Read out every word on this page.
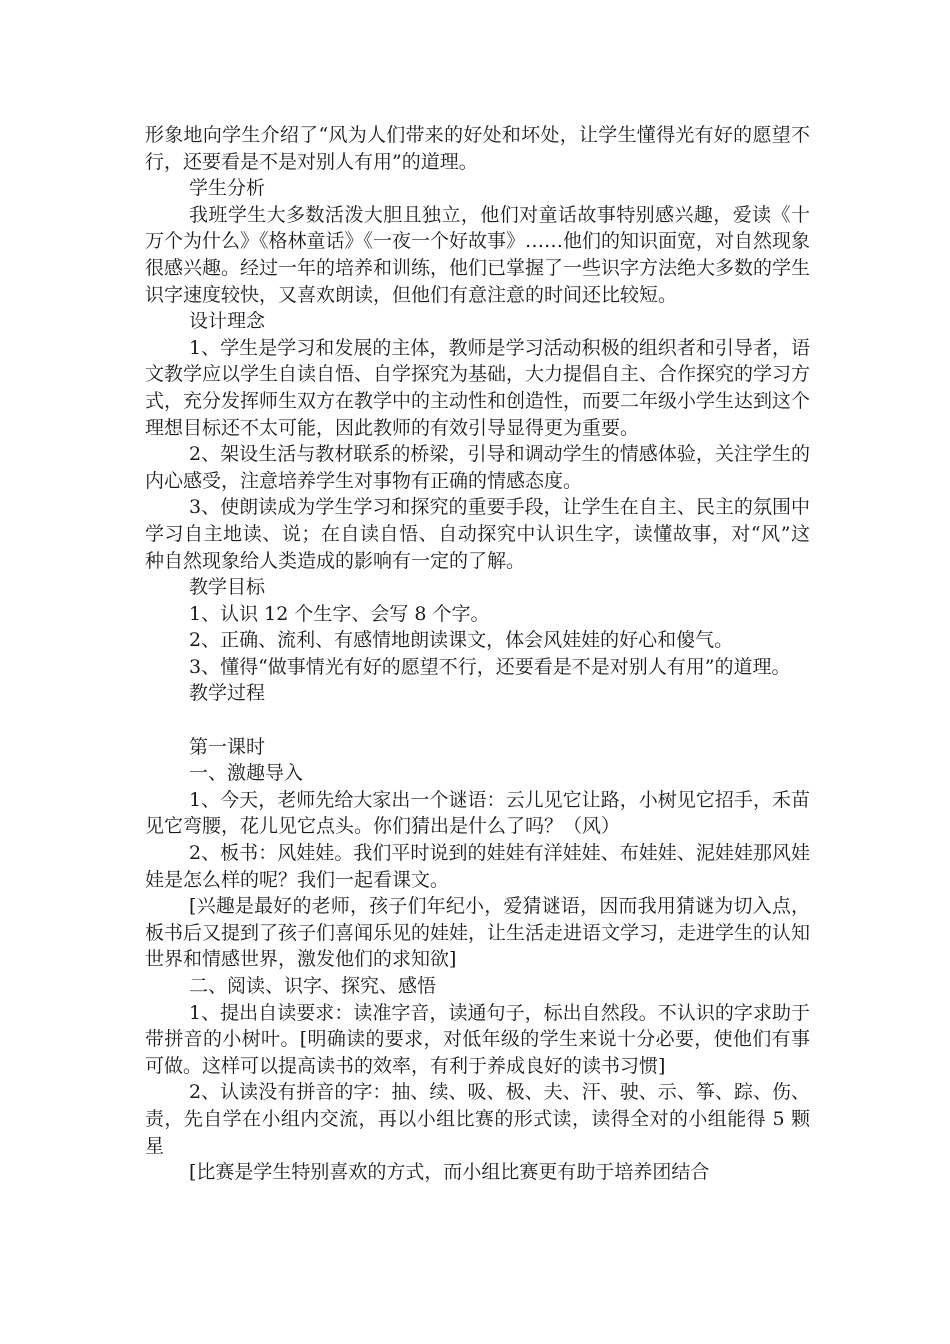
形象地向学生介绍了“风为人们带来的好处和坏处，让学生懂得光有好的愿望不行，还要看是不是对别人有用”的道理。

学生分析

我班学生大多数活泼大胆且独立，他们对童话故事特别感兴趣，爱读《十万个为什么》《格林童话》《一夜一个好故事》……他们的知识面宽，对自然现象很感兴趣。经过一年的培养和训练，他们已掌握了一些识字方法绝大多数的学生识字速度较快，又喜欢朗读，但他们有意注意的时间还比较短。

设计理念

1、学生是学习和发展的主体，教师是学习活动积极的组织者和引导者，语文教学应以学生自读自悟、自学探究为基础，大力提倡自主、合作探究的学习方式，充分发挥师生双方在教学中的主动性和创造性，而要二年级小学生达到这个理想目标还不太可能，因此教师的有效引导显得更为重要。

2、架设生活与教材联系的桥梁，引导和调动学生的情感体验，关注学生的内心感受，注意培养学生对事物有正确的情感态度。

3、使朗读成为学生学习和探究的重要手段，让学生在自主、民主的氛围中学习自主地读、说；在自读自悟、自动探究中认识生字，读懂故事，对“风”这种自然现象给人类造成的影响有一定的了解。

教学目标

1、认识 12 个生字、会写 8 个字。

2、正确、流利、有感情地朗读课文，体会风娃娃的好心和傻气。

3、懂得“做事情光有好的愿望不行，还要看是不是对别人有用”的道理。

教学过程

第一课时

一、激趣导入

1、今天，老师先给大家出一个谜语：云儿见它让路，小树见它招手，禾苗见它弯腰，花儿见它点头。你们猜出是什么了吗？（风）

2、板书：风娃娃。我们平时说到的娃娃有洋娃娃、布娃娃、泥娃娃那风娃娃是怎么样的呢？我们一起看课文。

[兴趣是最好的老师，孩子们年纪小，爱猜谜语，因而我用猜谜为切入点，板书后又提到了孩子们喜闻乐见的娃娃，让生活走进语文学习，走进学生的认知世界和情感世界，激发他们的求知欲]

二、阅读、识字、探究、感悟

1、提出自读要求：读准字音，读通句子，标出自然段。不认识的字求助于带拼音的小树叶。[明确读的要求，对低年级的学生来说十分必要，使他们有事可做。这样可以提高读书的效率，有利于养成良好的读书习惯]

2、认读没有拼音的字：抽、续、吸、极、夫、汗、驶、示、筝、踪、伤、责，先自学在小组内交流，再以小组比赛的形式读，读得全对的小组能得 5 颗星

[比赛是学生特别喜欢的方式，而小组比赛更有助于培养团结合
